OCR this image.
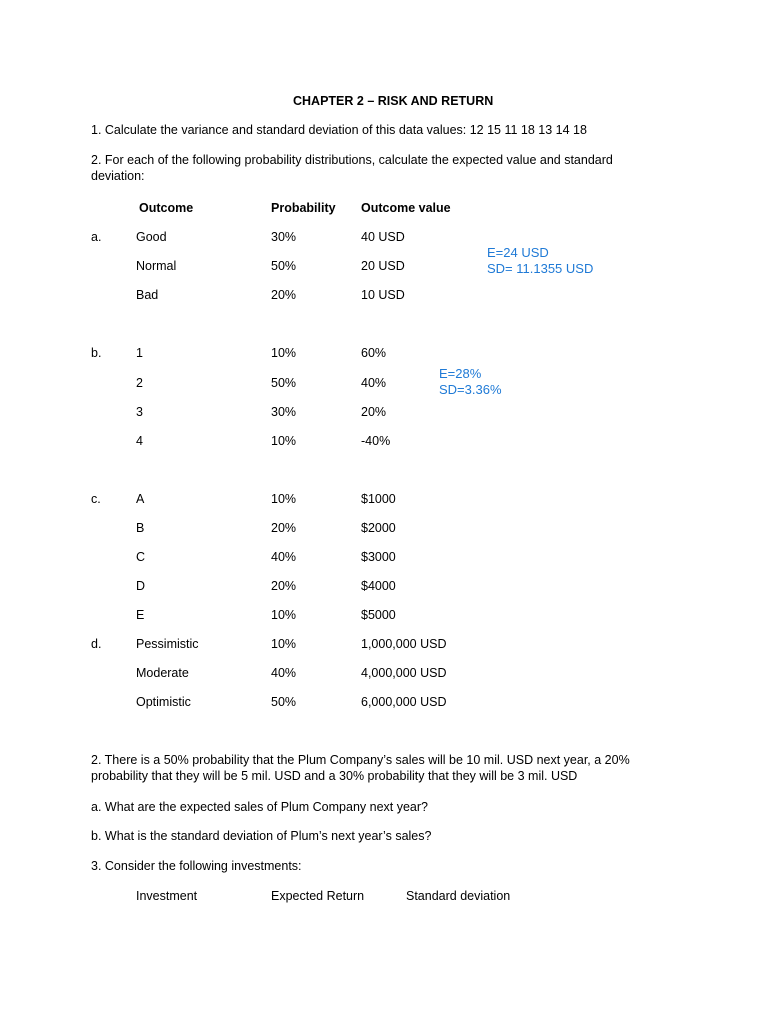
CHAPTER 2 – RISK AND RETURN
1. Calculate the variance and standard deviation of this data values: 12 15 11 18 13 14 18
2. For each of the following probability distributions, calculate the expected value and standard deviation:
Outcome	Probability Outcome value
a.	Good	30%	40 USD
Normal	50%	20 USD
Bad	20%	10 USD
E=24 USD
SD= 11.1355 USD
b.	1	10%	60%
2	50%	40%
3	30%	20%
4	10%	-40%
E=28%
SD=3.36%
c.	A	10%	$1000
B	20%	$2000
C	40%	$3000
D	20%	$4000
E	10%	$5000
d.	Pessimistic	10%	1,000,000 USD
Moderate	40%	4,000,000 USD
Optimistic	50%	6,000,000 USD
2. There is a 50% probability that the Plum Company’s sales will be 10 mil. USD next year, a 20% probability that they will be 5 mil. USD and a 30% probability that they will be 3 mil. USD
a. What are the expected sales of Plum Company next year?
b. What is the standard deviation of Plum’s next year’s sales?
3. Consider the following investments:
Investment	Expected Return	Standard deviation
